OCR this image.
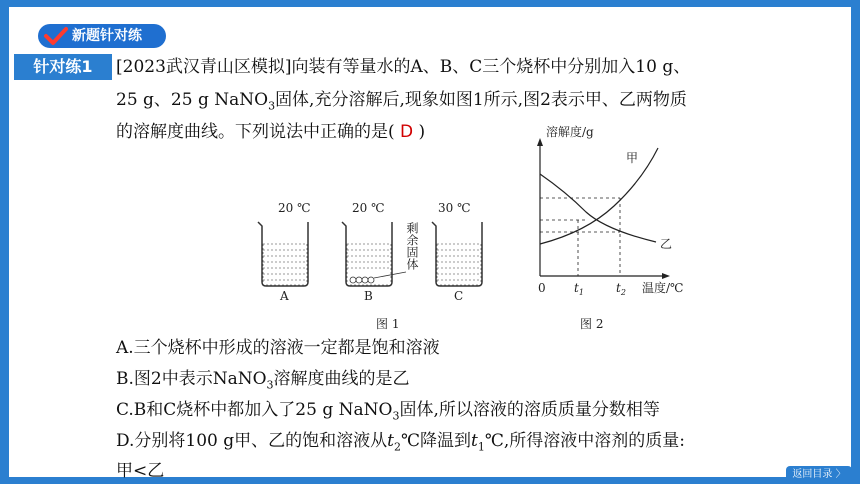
新题针对练
针对练1	[2023武汉青山区模拟]向装有等量水的A、B、C三个烧杯中分别加入10 g、
25 g、25 g NaNO$_3$固体,充分溶解后,现象如图1所示,图2表示甲、乙两物质
的溶解度曲线。下列说法中正确的是( D )
20 ℃	20 ℃	30 ℃
剩余固体
A	B	C
图 1
溶解度/g
甲
乙
0 $t_1$	$t_2$ 温度/℃
图 2
A.三个烧杯中形成的溶液一定都是饱和溶液
B.图2中表示NaNO$_3$溶解度曲线的是乙
C.B和C烧杯中都加入了25 g NaNO$_3$固体,所以溶液的溶质质量分数相等
D.分别将100 g甲、乙的饱和溶液从$t_2℃$降温到$t_1℃$,所得溶液中溶剂的质量:
甲<乙	返回目录 〉
